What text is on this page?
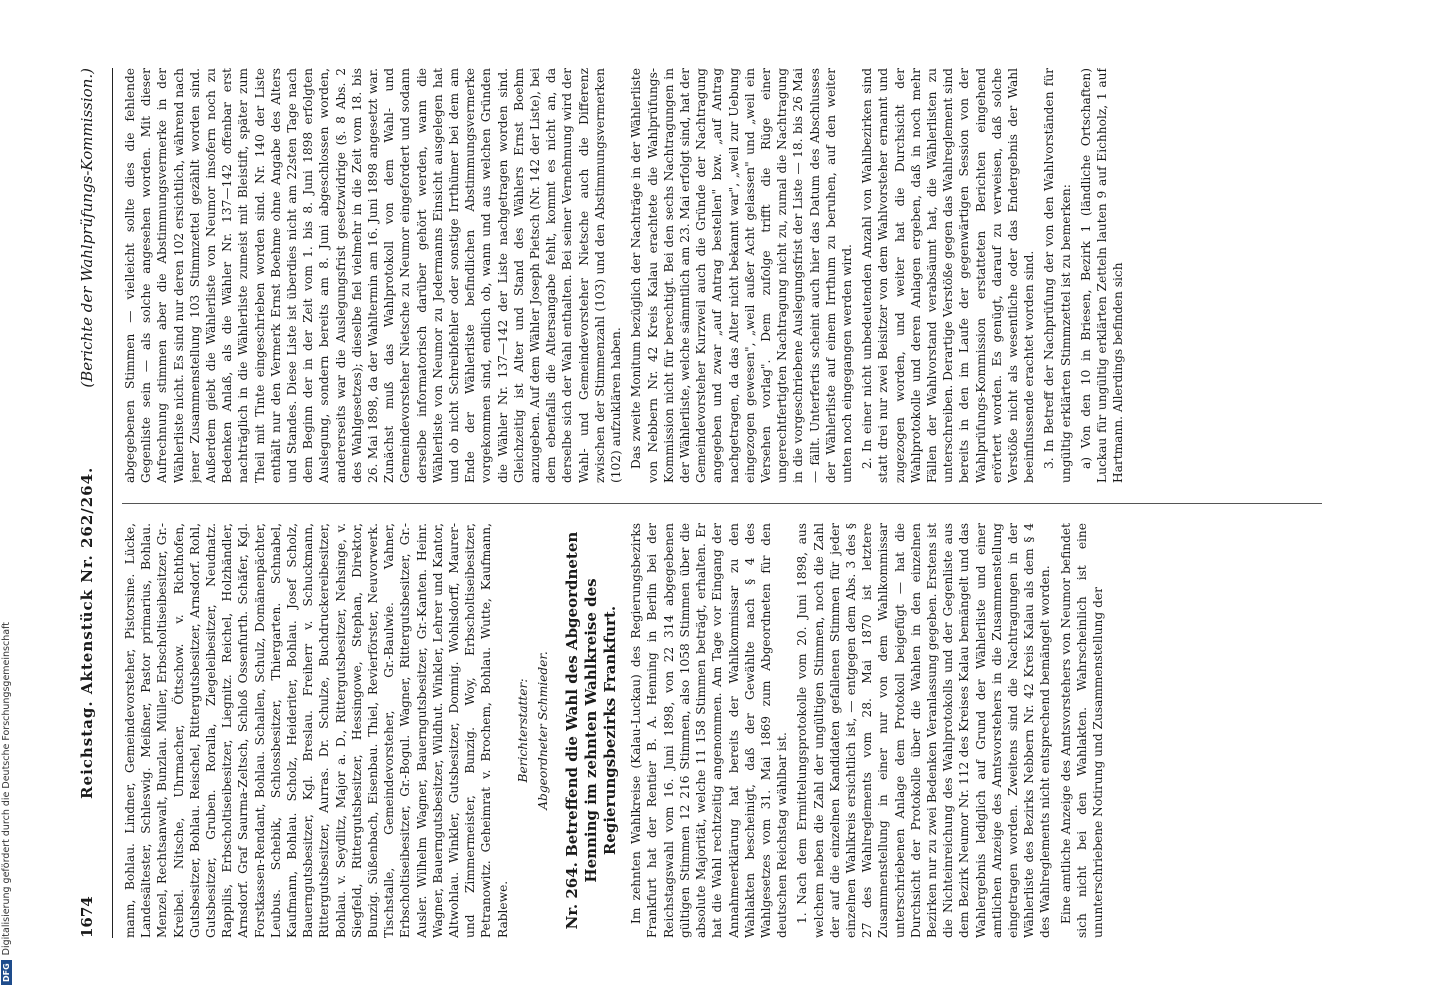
1674
Reichstag. Aktenstück Nr. 262/264.
(Berichte der Wahlprüfungs-Kommission.)

mann, Bohlau. Lindner, Gemeindevorsteher, Pistorsine. Lücke, Landesältester, Schleswig. Meißner, Pastor primarius, Bohlau. Menzel, Rechtsanwalt, Bunzlau. Müller, Erbscholtiseibesitzer, Gr.-Kreibel. Nitsche, Uhrmacher, Öttschow. v. Richthofen, Gutsbesitzer, Bohlau. Reischel, Rittergutsbesitzer, Arnsdorf. Rohl, Gutsbesitzer, Gruben. Roralla, Ziegeleibesitzer, Neudnatz. Rappilis, Erbscholtiseibesitzer, Liegnitz. Reichel, Holzhändler, Arnsdorf. Graf Saurma-Zeltsch, Schloß Ossenfurth. Schäfer, Kgl. Forstkassen-Rendant, Bohlau. Schallen, Schulz, Domänenpächter, Leubus. Schebik, Schlossbesitzer, Thiergarten. Schnabel, Kaufmann, Bohlau. Scholz, Heideriter, Bohlau. Josef Scholz, Bauerngutsbesitzer, Kgl. Breslau. Freiherr v. Schuckmann, Rittergutsbesitzer, Aurras. Dr. Schulze, Buchdruckereibesitzer, Bohlau. v. Seydlitz, Major a. D., Rittergutsbesitzer, Nehsinge, v. Siegfeld, Rittergutsbesitzer, Hessingowe, Stephan, Direktor, Bunzig. Süßenbach, Eisenbau. Thiel, Revierförster, Neuvorwerk. Tischstalle, Gemeindevorsteher, Gr.-Baulwie. Vahner, Erbscholtiseibesitzer, Gr.-Bogul. Wagner, Rittergutsbesitzer, Gr.-Ausler. Wilhelm Wagner, Bauerngutsbesitzer, Gr.-Kanten. Heinr. Wagner, Bauerngutsbesitzer, Wildhut. Winkler, Lehrer und Kantor, Altwohlau. Winkler, Gutsbesitzer, Domnig. Wohlsdorff, Maurer- und Zimmermeister, Bunzig. Woy, Erbscholtiseibesitzer, Petranowitz. Geheimrat v. Brochem, Bohlau. Wutte, Kaufmann, Rablewe.

Berichterstatter: Abgeordneter Schmieder. Nr. 264. Betreffend die Wahl des Abgeordneten Henning im zehnten Wahlkreise des Regierungsbezirks Frankfurt. Im zehnten Wahlkreise (Kalau-Luckau) des Regierungsbezirks Frankfurt hat der Rentier B. A. Henning in Berlin bei der Reichstagswahl vom 16. Juni 1898, von 22 314 abgegebenen gültigen Stimmen 12 216 Stimmen, also 1058 Stimmen über die absolute Majorität, welche 11 158 Stimmen beträgt, erhalten. Er hat die Wahl rechtzeitig angenommen. Am Tage vor Eingang der Annahmeerklärung hat bereits der Wahlkommissar zu den Wahlakten bescheinigt, daß der Gewählte nach § 4 des Wahlgesetzes vom 31. Mai 1869 zum Abgeordneten für den deutschen Reichstag wählbar ist. 1. Nach dem Ermittelungsprotokolle vom 20. Juni 1898, aus welchem neben die Zahl der ungültigen Stimmen, noch die Zahl der auf die einzelnen Kandidaten gefallenen Stimmen für jeder einzelnen Wahlkreis ersichtlich ist, — entgegen dem Abs. 3 des § 27 des Wahlreglements vom 28. Mai 1870 ist letztere Zusammenstellung in einer nur von dem Wahlkommissar unterschriebenen Anlage dem Protokoll beigefügt — hat die Durchsicht der Protokolle über die Wahlen in den einzelnen Bezirken nur zu zwei Bedenken Veranlassung gegeben. Erstens ist die Nichteinreichung des Wahlprotokolls und der Gegenliste aus dem Bezirk Neumor Nr. 112 des Kreises Kalau bemängelt und das Wahlergebnis lediglich auf Grund der Wählerliste und einer amtlichen Anzeige des Amtsvorstehers in die Zusammenstellung eingetragen worden. Zweitens sind die Nachtragungen in der Wählerliste des Bezirks Nebbern Nr. 42 Kreis Kalau als dem § 4 des Wahlreglements nicht entsprechend bemängelt worden. Eine amtliche Anzeige des Amtsvorstehers von Neumor befindet sich nicht bei den Wahlakten. Wahrscheinlich ist eine ununterschriebene Notirung und Zusammenstellung der

abgegebenen Stimmen — vielleicht sollte dies die fehlende Gegenliste sein — als solche angesehen worden. Mit dieser Aufrechnung stimmen aber die Abstimmungsvermerke in der Wählerliste nicht. Es sind nur deren 102 ersichtlich, während nach jener Zusammenstellung 103 Stimmzettel gezählt worden sind. Außerdem giebt die Wählerliste von Neumor insofern noch zu Bedenken Anlaß, als die Wähler Nr. 137—142 offenbar erst nachträglich in die Wählerliste zumeist mit Bleistift, später zum Theil mit Tinte eingeschrieben worden sind. Nr. 140 der Liste enthält nur den Vermerk Ernst Boehme ohne Angabe des Alters und Standes. Diese Liste ist überdies nicht am 22sten Tage nach dem Beginn der in der Zeit vom 1. bis 8. Juni 1898 erfolgten Auslegung, sondern bereits am 8. Juni abgeschlossen worden, andererseits war die Auslegungsfrist gesetzwidrige (§. 8 Abs. 2 des Wahlgesetzes); dieselbe fiel vielmehr in die Zeit vom 18. bis 26. Mai 1898, da der Wahltermin am 16. Juni 1898 angesetzt war. Zunächst muß das Wahlprotokoll von dem Wahl- und Gemeindevorsteher Nietsche zu Neumor eingefordert und sodann derselbe informatorisch darüber gehört werden, wann die Wählerliste von Neumor zu Jedermanns Einsicht ausgelegen hat und ob nicht Schreibfehler oder sonstige Irrthümer bei dem am Ende der Wählerliste befindlichen Abstimmungsvermerke vorgekommen sind, endlich ob, wann und aus welchen Gründen die Wähler Nr. 137—142 der Liste nachgetragen worden sind. Gleichzeitig ist Alter und Stand des Wählers Ernst Boehm anzugeben. Auf dem Wähler Joseph Pietsch (Nr. 142 der Liste), bei dem ebenfalls die Altersangabe fehlt, kommt es nicht an, da derselbe sich der Wahl enthalten. Bei seiner Vernehmung wird der Wahl- und Gemeindevorsteher Nietsche auch die Differenz zwischen der Stimmenzahl (103) und den Abstimmungsvermerken (102) aufzuklären haben. Das zweite Monitum bezüglich der Nachträge in der Wählerliste von Nebbern Nr. 42 Kreis Kalau erachtete die Wahlprüfungs-Kommission nicht für berechtigt. Bei den sechs Nachtragungen in der Wählerliste, welche sämmtlich am 23. Mai erfolgt sind, hat der Gemeindevorsteher Kurzweil auch die Gründe der Nachtragung angegeben und zwar „auf Antrag bestellen" bzw. „auf Antrag nachgetragen, da das Alter nicht bekannt war", „weil zur Uebung eingezogen gewesen", „weil außer Acht gelassen" und „weil ein Versehen vorlag". Dem zufolge trifft die Rüge einer ungerechtfertigten Nachtragung nicht zu, zumal die Nachtragung in die vorgeschriebene Auslegungsfrist der Liste — 18. bis 26 Mai — fällt. Unterfertis scheint auch hier das Datum des Abschlusses der Wählerliste auf einem Irrthum zu beruhen, auf den weiter unten noch eingegangen werden wird. 2. In einer nicht unbedeutenden Anzahl von Wahlbezirken sind statt drei nur zwei Beisitzer von dem Wahlvorsteher ernannt und zugezogen worden, und weiter hat die Durchsicht der Wahlprotokolle und deren Anlagen ergeben, daß in noch mehr Fällen der Wahlvorstand verabsäumt hat, die Wählerlisten zu unterschreiben. Derartige Verstöße gegen das Wahlreglement sind bereits in den im Laufe der gegenwärtigen Session von der Wahlprüfungs-Kommission erstatteten Berichten eingehend erörtert worden. Es genügt, darauf zu verweisen, daß solche Verstöße nicht als wesentliche oder das Endergebnis der Wahl beeinflussende erachtet worden sind. 3. In Betreff der Nachprüfung der von den Wahlvorständen für ungültig erklärten Stimmzettel ist zu bemerken: a) Von den 10 in Briesen, Bezirk 1 (ländliche Ortschaften) Luckau für ungültig erklärten Zetteln lauten 9 auf Eichholz, 1 auf Hartmann. Allerdings befinden sich

DFGDigitalisierung gefördert durch die Deutsche Forschungsgemeinschaft
